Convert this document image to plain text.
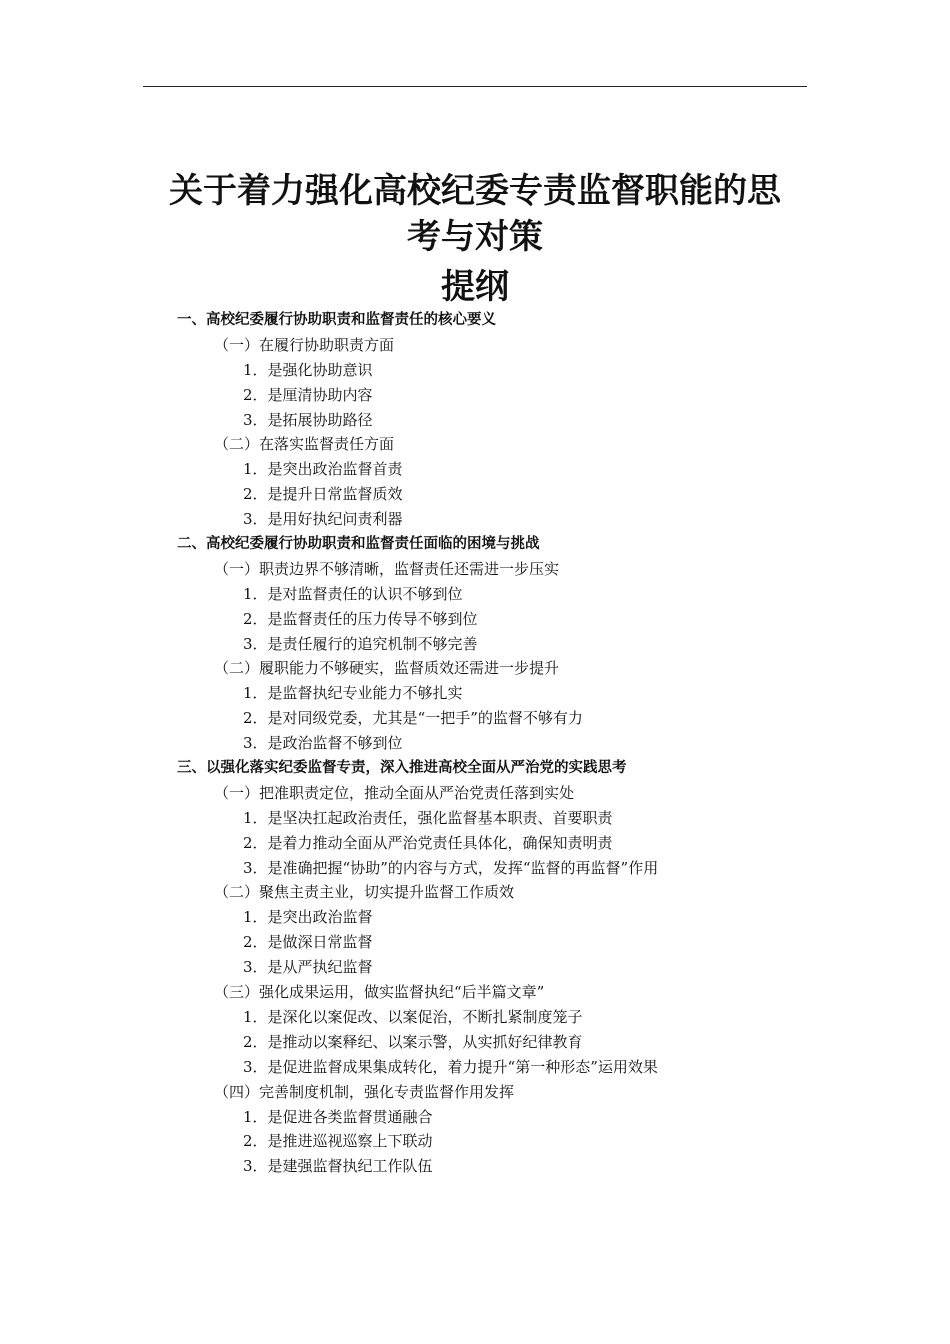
关于着力强化高校纪委专责监督职能的思
考与对策
提纲
一、高校纪委履行协助职责和监督责任的核心要义
（一）在履行协助职责方面
1．是强化协助意识
2．是厘清协助内容
3．是拓展协助路径
（二）在落实监督责任方面
1．是突出政治监督首责
2．是提升日常监督质效
3．是用好执纪问责利器
二、高校纪委履行协助职责和监督责任面临的困境与挑战
（一）职责边界不够清晰，监督责任还需进一步压实
1．是对监督责任的认识不够到位
2．是监督责任的压力传导不够到位
3．是责任履行的追究机制不够完善
（二）履职能力不够硬实，监督质效还需进一步提升
1．是监督执纪专业能力不够扎实
2．是对同级党委，尤其是“一把手”的监督不够有力
3．是政治监督不够到位
三、以强化落实纪委监督专责，深入推进高校全面从严治党的实践思考
（一）把准职责定位，推动全面从严治党责任落到实处
1．是坚决扛起政治责任，强化监督基本职责、首要职责
2．是着力推动全面从严治党责任具体化，确保知责明责
3．是准确把握“协助”的内容与方式，发挥“监督的再监督”作用
（二）聚焦主责主业，切实提升监督工作质效
1．是突出政治监督
2．是做深日常监督
3．是从严执纪监督
（三）强化成果运用，做实监督执纪“后半篇文章”
1．是深化以案促改、以案促治，不断扎紧制度笼子
2．是推动以案释纪、以案示警，从实抓好纪律教育
3．是促进监督成果集成转化，着力提升“第一种形态”运用效果
（四）完善制度机制，强化专责监督作用发挥
1．是促进各类监督贯通融合
2．是推进巡视巡察上下联动
3．是建强监督执纪工作队伍
